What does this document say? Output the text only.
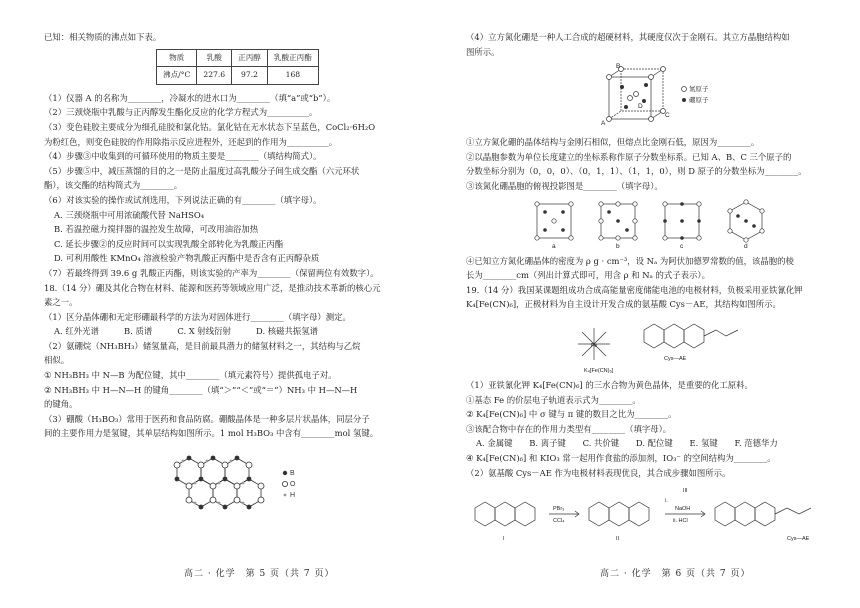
已知：相关物质的沸点如下表。
物质	乳酸	正丙醇	乳酸正丙酯
沸点/°C	227.6	97.2	168
（1）仪器 A 的名称为________，冷凝水的进水口为________（填“a”或“b”）。
（2）三颈烧瓶中乳酸与正丙醇发生酯化反应的化学方程式为__________。
（3）变色硅胶主要成分为细孔硅胶和氯化钴。氯化钴在无水状态下呈蓝色，CoCl₂·6H₂O
为粉红色，则变色硅胶的作用除指示反应进程外，还起到的作用为__________。
（4）步骤③中收集到的可循环使用的物质主要是________（填结构简式）。
（5）步骤⑤中，减压蒸馏的目的之一是防止温度过高乳酸分子间生成交酯（六元环状
酯），该交酯的结构简式为________。
（6）对该实验的操作或试剂选用，下列说法正确的有________（填字母）。
A. 三颈烧瓶中可用浓硫酸代替 NaHSO₄
B. 若温控磁力搅拌器的温控发生故障，可改用油浴加热
C. 延长步骤②的反应时间可以实现乳酸全部转化为乳酸正丙酯
D. 可利用酸性 KMnO₄ 溶液检验产物乳酸正丙酯中是否含有正丙醇杂质
（7）若最终得到 39.6 g 乳酸正丙酯，则该实验的产率为________（保留两位有效数字）。
18.（14 分）硼及其化合物在材料、能源和医药等领域应用广泛，是推动技术革新的核心元
素之一。
（1）区分晶体硼和无定形硼最科学的方法为对固体进行________（填字母）测定。
A. 红外光谱　　　B. 质谱　　　C. X 射线衍射　　　D. 核磁共振氢谱
（2）氨硼烷（NH₃BH₃）储氢量高，是目前最具潜力的储氢材料之一，其结构与乙烷
相似。
① NH₃BH₃ 中 N—B 为配位键，其中________（填元素符号）提供孤电子对。
② NH₃BH₃ 中 H—N—H 的键角________（填“＞”“＜”或“＝”）NH₃ 中 H—N—H
的键角。
（3）硼酸（H₃BO₃）常用于医药和食品防腐。硼酸晶体是一种多层片状晶体，同层分子
间的主要作用力是氢键，其单层结构如图所示。1 mol H₃BO₃ 中含有________mol 氢键。
B
O
H
高二 · 化学　第 5 页（共 7 页）
（4）立方氮化硼是一种人工合成的超硬材料，其硬度仅次于金刚石。其立方晶胞结构如
图所示。
B
A
D
C
氮原子
硼原子
①立方氮化硼的晶体结构与金刚石相似，但熔点比金刚石低，原因为________。
②以晶胞参数为单位长度建立的坐标系称作原子分数坐标系。已知 A、B、C 三个原子的
分数坐标分别为（0，0，0）、（0，1，1）、（1，1，0），则 D 原子的分数坐标为________。
③该氮化硼晶胞的俯视投影图是________（填字母）。
a	b	c	d
④已知立方氮化硼晶体的密度为 ρ g · cm⁻³，设 Nₐ 为阿伏加德罗常数的值，该晶胞的棱
长为________cm（列出计算式即可，用含 ρ 和 Nₐ 的式子表示）。
19.（14 分）我国某课题组成功合成高能量密度储能电池的电极材料，负极采用亚铁氰化钾
K₄[Fe(CN)₆]，正极材料为自主设计开发合成的氨基酸 Cys－AE，其结构如图所示。
Fe
K₄[Fe(CN)₆]
Cys—AE
（1）亚铁氰化钾 K₄[Fe(CN)₆] 的三水合物为黄色晶体，是重要的化工原料。
①基态 Fe 的价层电子轨道表示式为________。
② K₄[Fe(CN)₆] 中 σ 键与 π 键的数目之比为________。
③该配合物中存在的作用力类型有________（填字母）。
A. 金属键　　B. 离子键　　C. 共价键　　D. 配位键　　E. 氢键　　F. 范德华力
④ K₄[Fe(CN)₆] 和 KIO₃ 常一起用作食盐的添加剂，IO₃⁻ 的空间结构为________。
（2）氨基酸 Cys－AE 作为电极材料表现优良，其合成步骤如图所示。
PBr₃
CCl₄
i.
NaOH
ii. HCl
I	II
III
Cys—AE
高二 · 化学　第 6 页（共 7 页）
